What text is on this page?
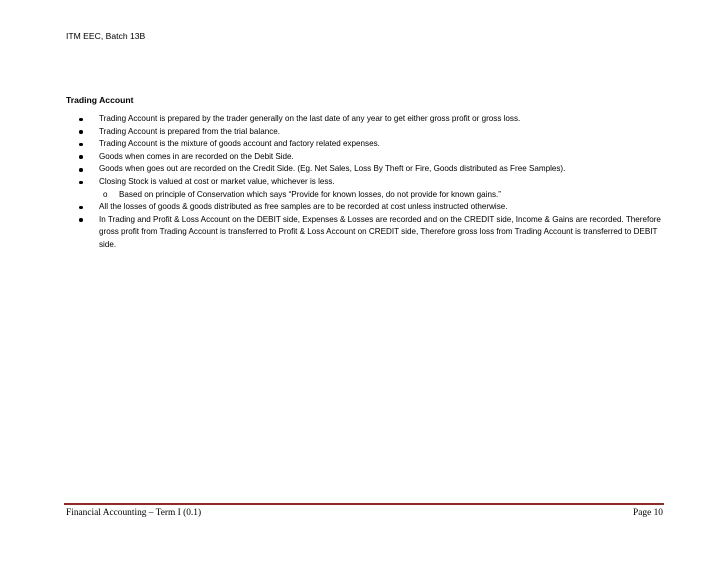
ITM EEC, Batch 13B
Trading Account
Trading Account is prepared by the trader generally on the last date of any year to get either gross profit or gross loss.
Trading Account is prepared from the trial balance.
Trading Account is the mixture of goods account and factory related expenses.
Goods when comes in are recorded on the Debit Side.
Goods when goes out are recorded on the Credit Side. (Eg. Net Sales, Loss By Theft or Fire, Goods distributed as Free Samples).
Closing Stock is valued at cost or market value, whichever is less.
o Based on principle of Conservation which says “Provide for known losses, do not provide for known gains.”
All the losses of goods & goods distributed as free samples are to be recorded at cost unless instructed otherwise.
In Trading and Profit & Loss Account on the DEBIT side, Expenses & Losses are recorded and on the CREDIT side, Income & Gains are recorded. Therefore gross profit from Trading Account is transferred to Profit & Loss Account on CREDIT side, Therefore gross loss from Trading Account is transferred to DEBIT side.
Financial Accounting – Term I (0.1)	Page 10
